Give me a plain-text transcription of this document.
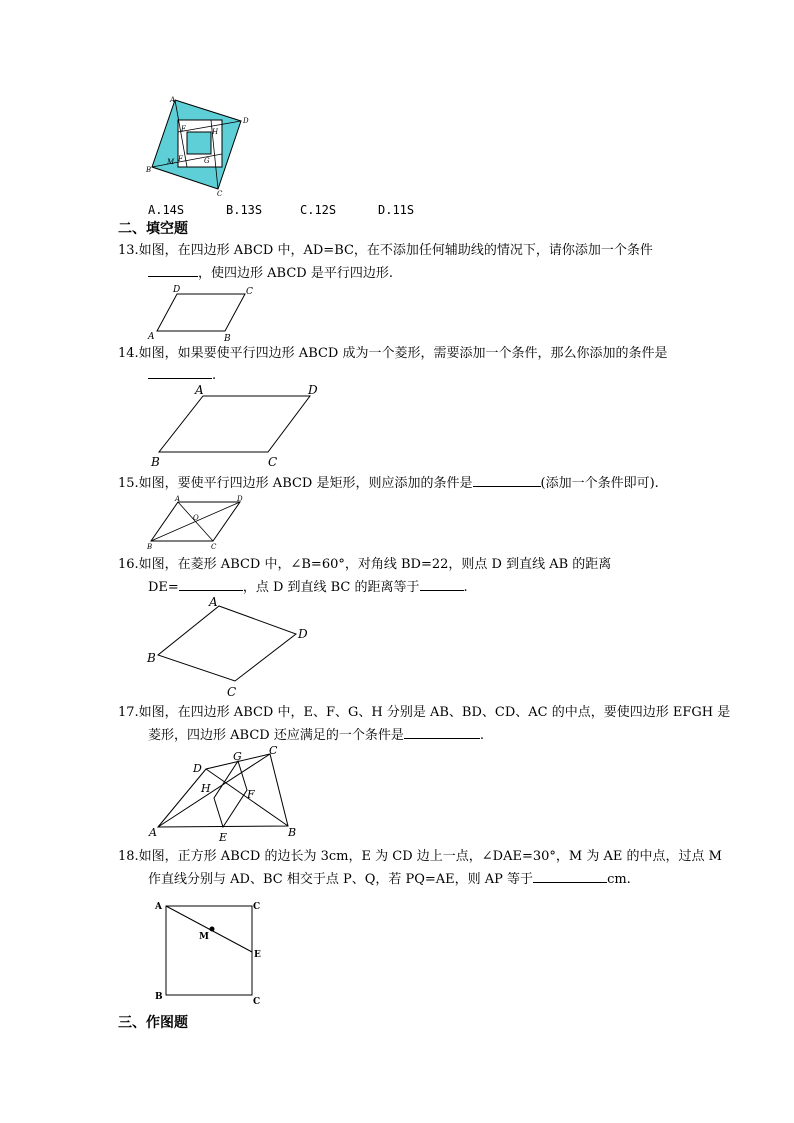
A
D
B
C
E	H
F	G
M
A.14S	B.13S	C.12S	D.11S
二、填空题
13.如图，在四边形 ABCD 中，AD=BC，在不添加任何辅助线的情况下，请你添加一个条件
，使四边形 ABCD 是平行四边形.
D	C
A	B
14.如图，如果要使平行四边形 ABCD 成为一个菱形，需要添加一个条件，那么你添加的条件是
.
A	D
B	C
15.如图，要使平行四边形 ABCD 是矩形，则应添加的条件是	(添加一个条件即可).
A	D
B	C
O
16.如图，在菱形 ABCD 中，∠B=60°，对角线 BD=22，则点 D 到直线 AB 的距离
DE=	，点 D 到直线 BC 的距离等于	.
A
D
B
C
17.如图，在四边形 ABCD 中，E、F、G、H 分别是 AB、BD、CD、AC 的中点，要使四边形 EFGH 是
菱形，四边形 ABCD 还应满足的一个条件是	.
A	B
C
D
E
F
G
H
18.如图，正方形 ABCD 的边长为 3cm，E 为 CD 边上一点，∠DAE=30°，M 为 AE 的中点，过点 M
作直线分别与 AD、BC 相交于点 P、Q，若 PQ=AE，则 AP 等于	cm.
A	C
M
E
B	C
三、作图题
